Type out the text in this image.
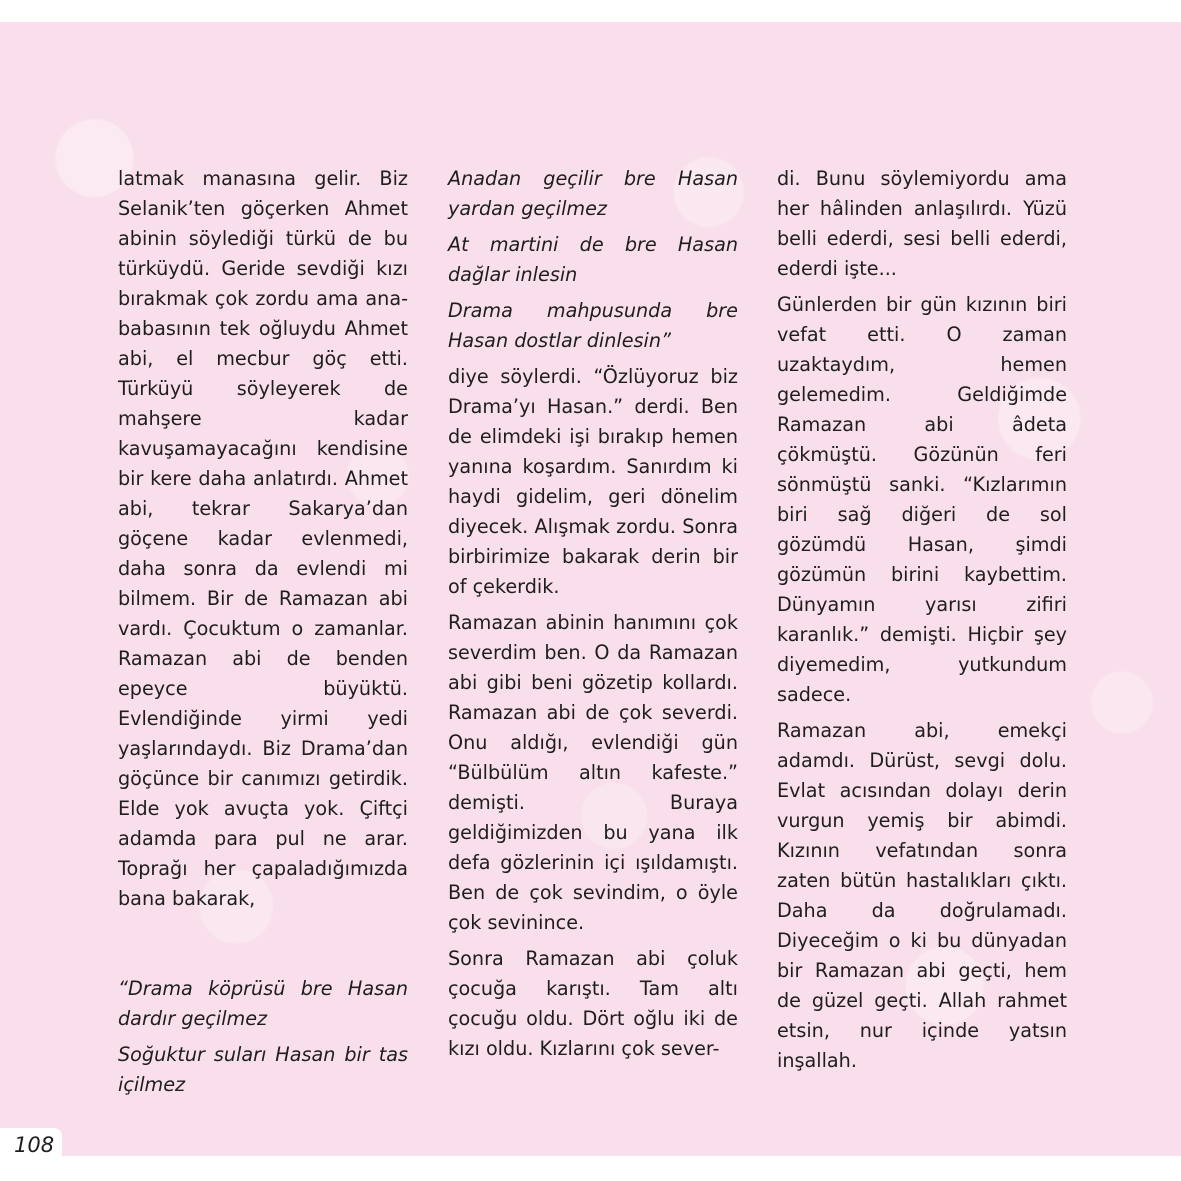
latmak manasına gelir. Biz Selanik’ten göçerken Ahmet abinin söylediği türkü de bu türküydü. Geride sevdiği kızı bırakmak çok zordu ama ana-babasının tek oğluydu Ahmet abi, el mecbur göç etti. Türküyü söyleyerek de mahşere kadar kavuşamayacağını kendisine bir kere daha anlatırdı. Ahmet abi, tekrar Sakarya’dan göçene kadar evlenmedi, daha sonra da evlendi mi bilmem. Bir de Ramazan abi vardı. Çocuktum o zamanlar. Ramazan abi de benden epeyce büyüktü. Evlendiğinde yirmi yedi yaşlarındaydı. Biz Drama’dan göçünce bir canımızı getirdik. Elde yok avuçta yok. Çiftçi adamda para pul ne arar. Toprağı her çapaladığımızda bana bakarak,

“Drama köprüsü bre Hasan dardır geçilmez

Soğuktur suları Hasan bir tas içilmez

Anadan geçilir bre Hasan yardan geçilmez

At martini de bre Hasan dağlar inlesin

Drama mahpusunda bre Hasan dostlar dinlesin”

diye söylerdi. “Özlüyoruz biz Drama’yı Hasan.” derdi. Ben de elimdeki işi bırakıp hemen yanına koşardım. Sanırdım ki haydi gidelim, geri dönelim diyecek. Alışmak zordu. Sonra birbirimize bakarak derin bir of çekerdik.

Ramazan abinin hanımını çok severdim ben. O da Ramazan abi gibi beni gözetip kollardı. Ramazan abi de çok severdi. Onu aldığı, evlendiği gün “Bülbülüm altın kafeste.” demişti. Buraya geldiğimizden bu yana ilk defa gözlerinin içi ışıldamıştı. Ben de çok sevindim, o öyle çok sevinince.

Sonra Ramazan abi çoluk çocuğa karıştı. Tam altı çocuğu oldu. Dört oğlu iki de kızı oldu. Kızlarını çok sever-

di. Bunu söylemiyordu ama her hâlinden anlaşılırdı. Yüzü belli ederdi, sesi belli ederdi, ederdi işte...

Günlerden bir gün kızının biri vefat etti. O zaman uzaktaydım, hemen gelemedim. Geldiğimde Ramazan abi âdeta çökmüştü. Gözünün feri sönmüştü sanki. “Kızlarımın biri sağ diğeri de sol gözümdü Hasan, şimdi gözümün birini kaybettim. Dünyamın yarısı zifiri karanlık.” demişti. Hiçbir şey diyemedim, yutkundum sadece.

Ramazan abi, emekçi adamdı. Dürüst, sevgi dolu. Evlat acısından dolayı derin vurgun yemiş bir abimdi. Kızının vefatından sonra zaten bütün hastalıkları çıktı. Daha da doğrulamadı. Diyeceğim o ki bu dünyadan bir Ramazan abi geçti, hem de güzel geçti. Allah rahmet etsin, nur içinde yatsın inşallah.

108
